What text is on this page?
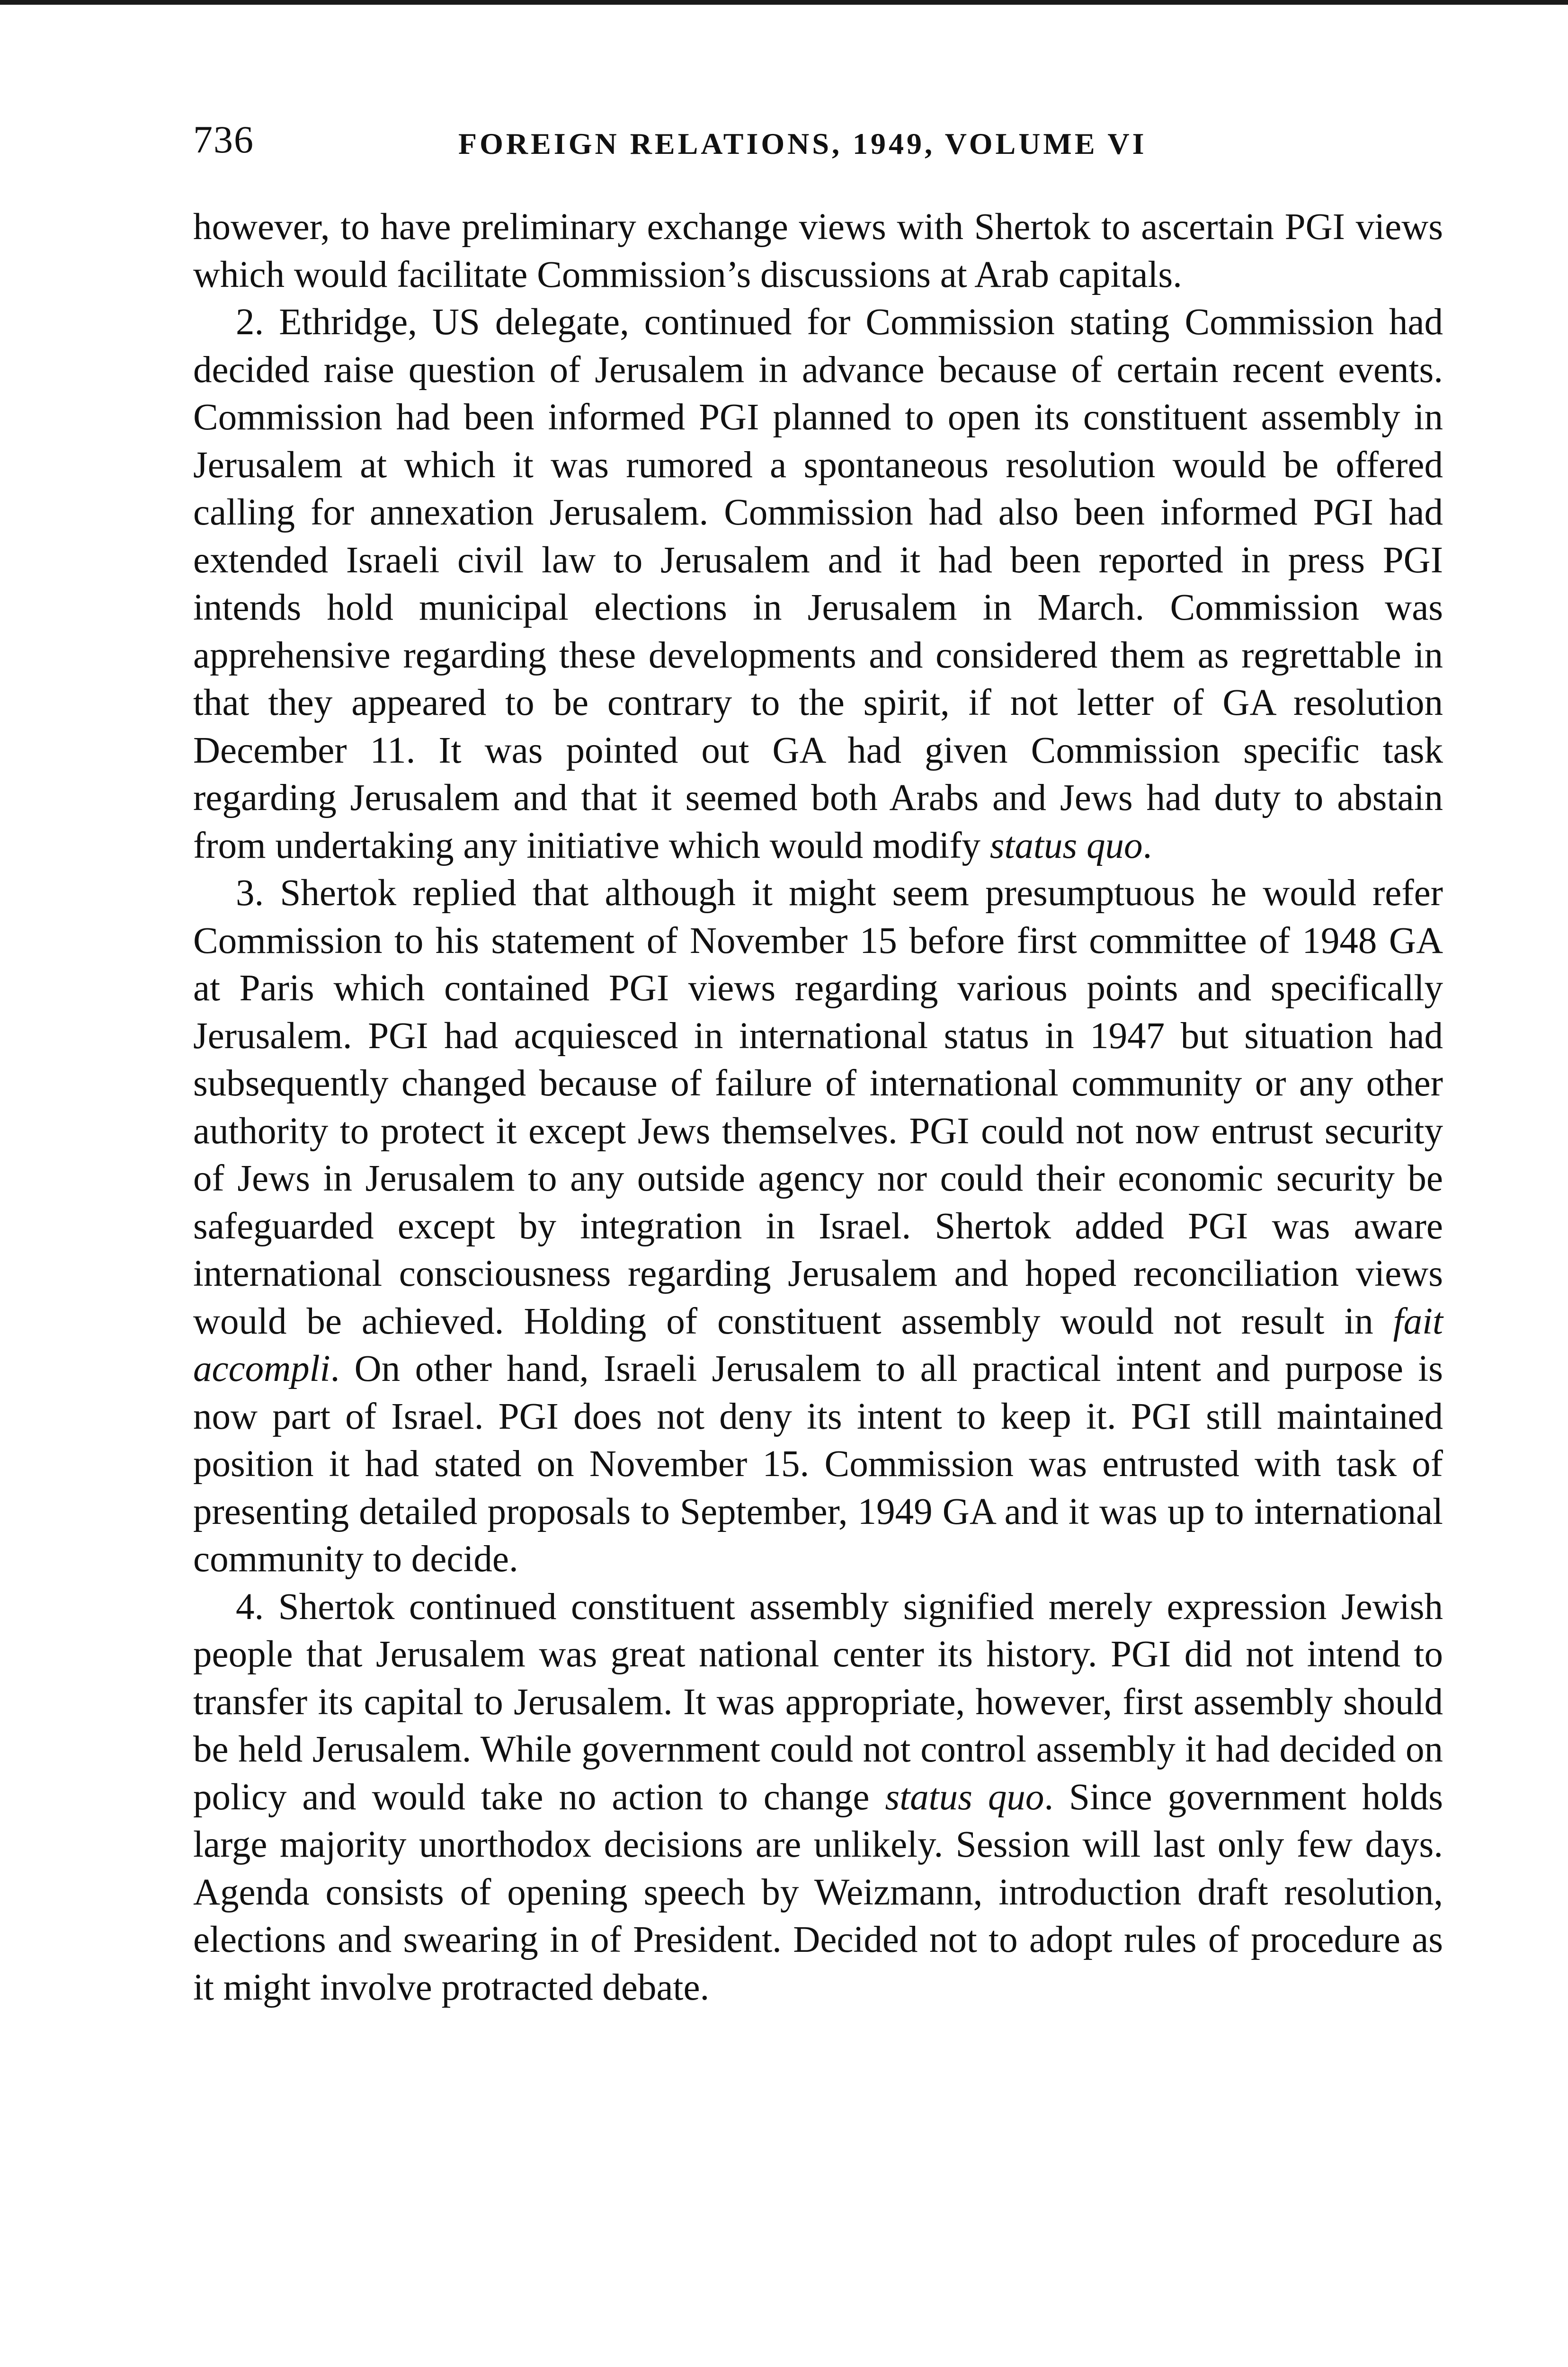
736	FOREIGN RELATIONS, 1949, VOLUME VI

however, to have preliminary exchange views with Shertok to ascertain PGI views which would facilitate Commission’s discussions at Arab capitals.

2. Ethridge, US delegate, continued for Commission stating Commission had decided raise question of Jerusalem in advance because of certain recent events. Commission had been informed PGI planned to open its constituent assembly in Jerusalem at which it was rumored a spontaneous resolution would be offered calling for annexation Jerusalem. Commission had also been informed PGI had extended Israeli civil law to Jerusalem and it had been reported in press PGI intends hold municipal elections in Jerusalem in March. Commission was apprehensive regarding these developments and considered them as regrettable in that they appeared to be contrary to the spirit, if not letter of GA resolution December 11. It was pointed out GA had given Commission specific task regarding Jerusalem and that it seemed both Arabs and Jews had duty to abstain from undertaking any initiative which would modify status quo.

3. Shertok replied that although it might seem presumptuous he would refer Commission to his statement of November 15 before first committee of 1948 GA at Paris which contained PGI views regarding various points and specifically Jerusalem. PGI had acquiesced in international status in 1947 but situation had subsequently changed because of failure of international community or any other authority to protect it except Jews themselves. PGI could not now entrust security of Jews in Jerusalem to any outside agency nor could their economic security be safeguarded except by integration in Israel. Shertok added PGI was aware international consciousness regarding Jerusalem and hoped reconciliation views would be achieved. Holding of constituent assembly would not result in fait accompli. On other hand, Israeli Jerusalem to all practical intent and purpose is now part of Israel. PGI does not deny its intent to keep it. PGI still maintained position it had stated on November 15. Commission was entrusted with task of presenting detailed proposals to September, 1949 GA and it was up to international community to decide.

4. Shertok continued constituent assembly signified merely expression Jewish people that Jerusalem was great national center its history. PGI did not intend to transfer its capital to Jerusalem. It was appropriate, however, first assembly should be held Jerusalem. While government could not control assembly it had decided on policy and would take no action to change status quo. Since government holds large majority unorthodox decisions are unlikely. Session will last only few days. Agenda consists of opening speech by Weizmann, introduction draft resolution, elections and swearing in of President. Decided not to adopt rules of procedure as it might involve protracted debate.
